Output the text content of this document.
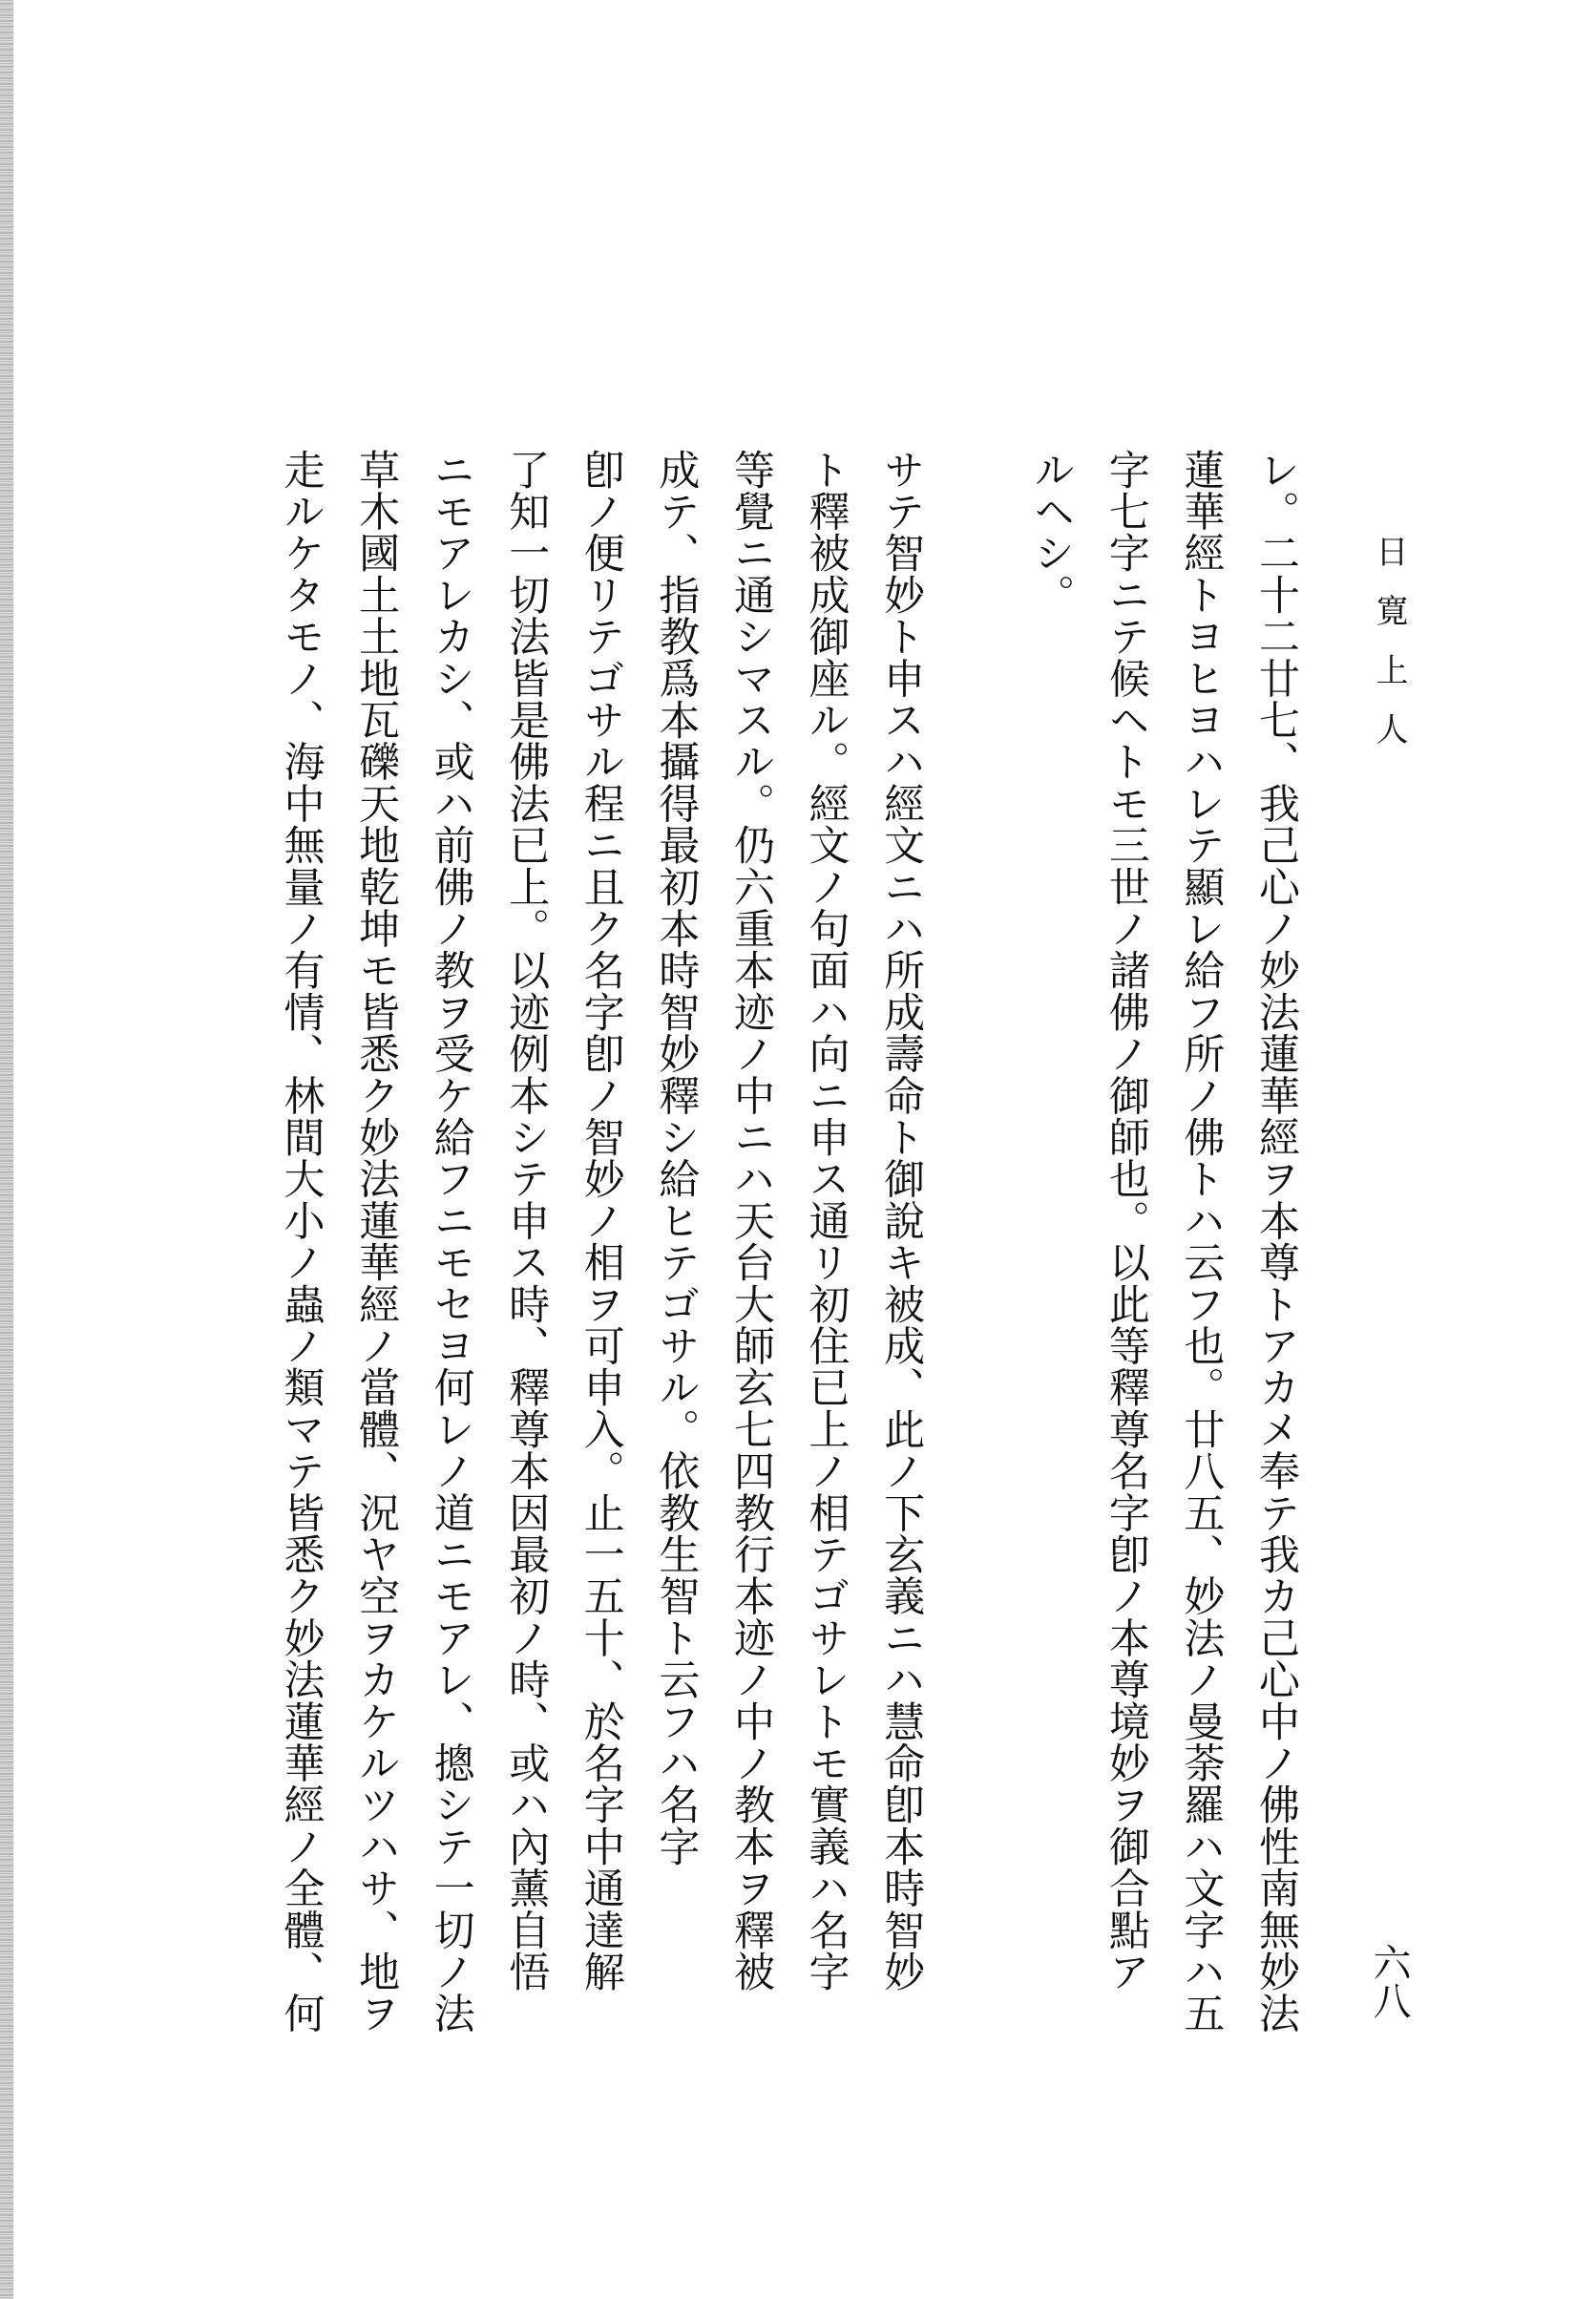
日寛上人
六八
レ。二十二廿七、我己心ノ妙法蓮華經ヲ本尊トアカメ奉テ我カ己心中ノ佛性南無妙法
蓮華經トヨヒヨハレテ顯レ給フ所ノ佛トハ云フ也。廿八五、妙法ノ曼荼羅ハ文字ハ五
字七字ニテ候ヘトモ三世ノ諸佛ノ御師也。以此等釋尊名字卽ノ本尊境妙ヲ御合點ア
ルヘシ。
サテ智妙ト申スハ經文ニハ所成壽命ト御說キ被成、此ノ下玄義ニハ慧命卽本時智妙
ト釋被成御座ル。經文ノ句面ハ向ニ申ス通リ初住已上ノ相テゴサレトモ實義ハ名字
等覺ニ通シマスル。仍六重本迹ノ中ニハ天台大師玄七四教行本迹ノ中ノ教本ヲ釋被
成テ、指教爲本攝得最初本時智妙釋シ給ヒテゴサル。依教生智ト云フハ名字
卽ノ便リテゴサル程ニ且ク名字卽ノ智妙ノ相ヲ可申入。止一五十、於名字中通達解
了知一切法皆是佛法已上。以迹例本シテ申ス時、釋尊本因最初ノ時、或ハ內薰自悟
ニモアレカシ、或ハ前佛ノ教ヲ受ケ給フニモセヨ何レノ道ニモアレ、摠シテ一切ノ法
草木國土土地瓦礫天地乾坤モ皆悉ク妙法蓮華經ノ當體、況ヤ空ヲカケルツハサ、地ヲ
走ルケタモノ、海中無量ノ有情、林間大小ノ蟲ノ類マテ皆悉ク妙法蓮華經ノ全體、何
